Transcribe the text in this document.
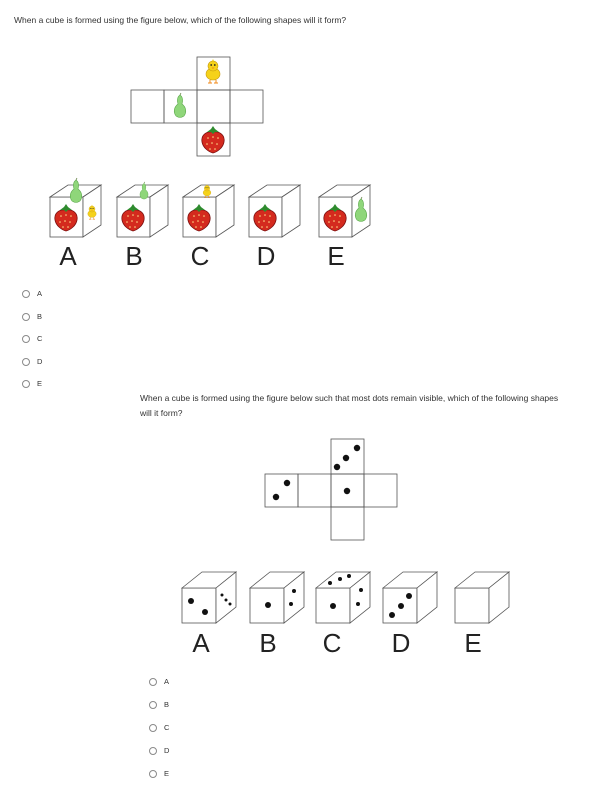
When a cube is formed using the figure below, which of the following shapes will it form?
A B C D E
A B C D E
A
B
C
D
E
When a cube is formed using the figure below such that most dots remain visible, which of the following shapes will it form?
A
B
C
D
E
